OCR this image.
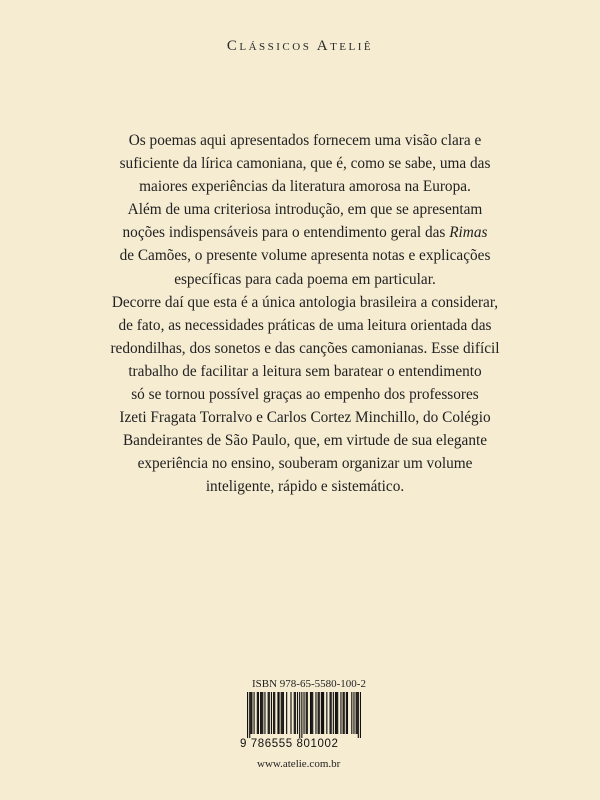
Clássicos Ateliê

Os poemas aqui apresentados fornecem uma visão clara e
suficiente da lírica camoniana, que é, como se sabe, uma das
maiores experiências da literatura amorosa na Europa.

Além de uma criteriosa introdução, em que se apresentam
noções indispensáveis para o entendimento geral das Rimas
de Camões, o presente volume apresenta notas e explicações
específicas para cada poema em particular.

Decorre daí que esta é a única antologia brasileira a considerar,
de fato, as necessidades práticas de uma leitura orientada das
redondilhas, dos sonetos e das canções camonianas. Esse difícil
trabalho de facilitar a leitura sem baratear o entendimento
só se tornou possível graças ao empenho dos professores
Izeti Fragata Torralvo e Carlos Cortez Minchillo, do Colégio
Bandeirantes de São Paulo, que, em virtude de sua elegante
experiência no ensino, souberam organizar um volume
inteligente, rápido e sistemático.

ISBN 978-65-5580-100-2
9 786555 801002
www.atelie.com.br
